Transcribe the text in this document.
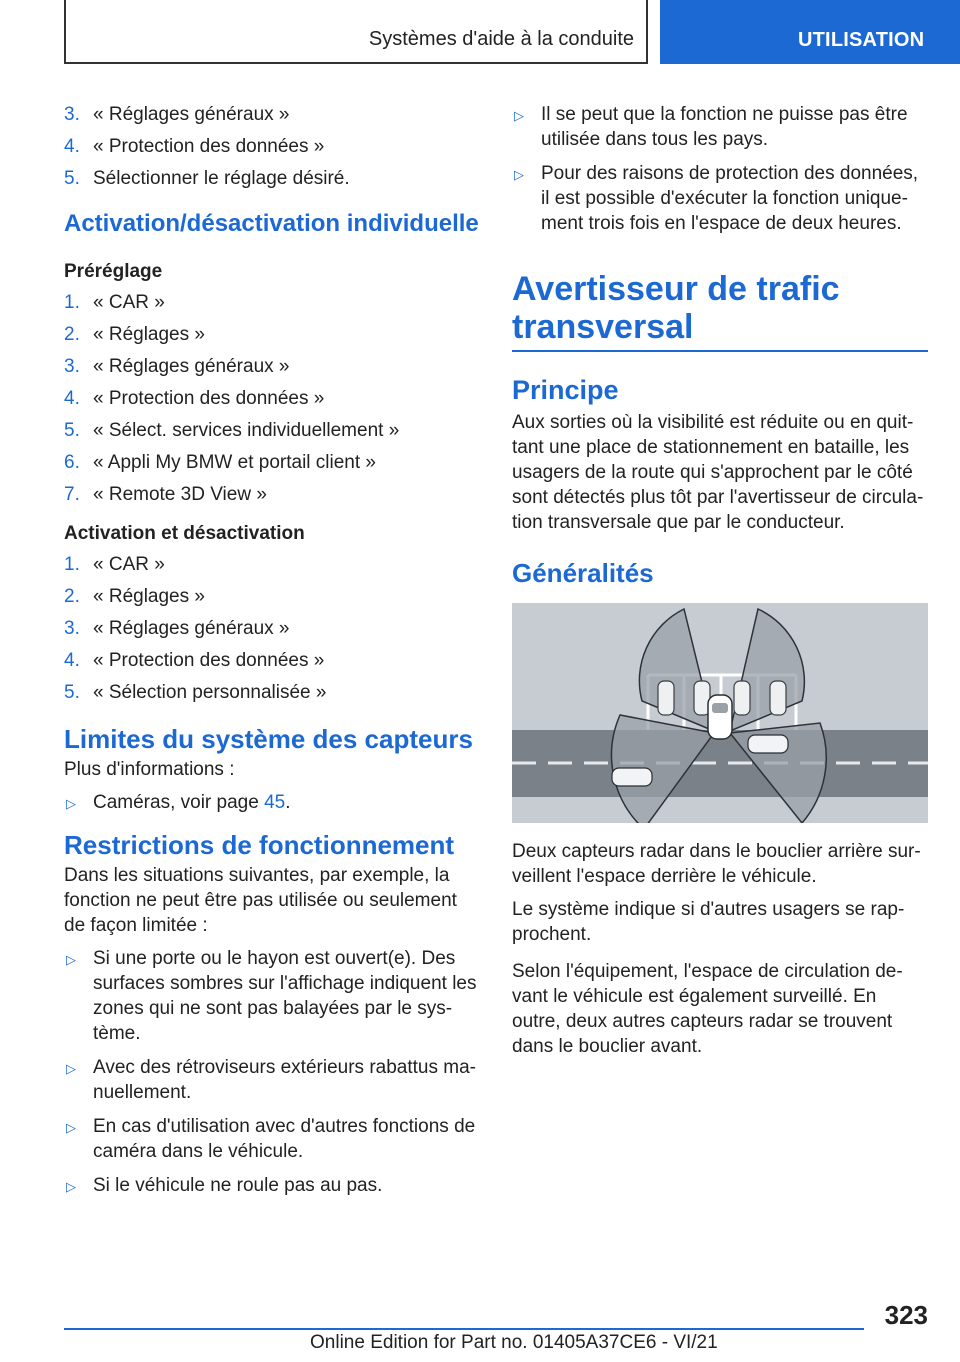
Systèmes d'aide à la conduite	UTILISATION
3. « Réglages généraux »
4. « Protection des données »
5. Sélectionner le réglage désiré.
Activation/désactivation individuelle
Préréglage
1. « CAR »
2. « Réglages »
3. « Réglages généraux »
4. « Protection des données »
5. « Sélect. services individuellement »
6. « Appli My BMW et portail client »
7. « Remote 3D View »
Activation et désactivation
1. « CAR »
2. « Réglages »
3. « Réglages généraux »
4. « Protection des données »
5. « Sélection personnalisée »
Limites du système des capteurs

Plus d'informations :

▷ Caméras, voir page 45.
Restrictions de fonctionnement

Dans les situations suivantes, par exemple, la fonction ne peut être pas utilisée ou seulement de façon limitée :

▷ Si une porte ou le hayon est ouvert(e). Des surfaces sombres sur l'affichage indiquent les zones qui ne sont pas balayées par le système.
▷ Avec des rétroviseurs extérieurs rabattus manuellement.
▷ En cas d'utilisation avec d'autres fonctions de caméra dans le véhicule.
▷ Si le véhicule ne roule pas au pas.
▷ Il se peut que la fonction ne puisse pas être utilisée dans tous les pays.
▷ Pour des raisons de protection des données, il est possible d'exécuter la fonction uniquement trois fois en l'espace de deux heures.
Avertisseur de trafic transversal
Principe

Aux sorties où la visibilité est réduite ou en quittant une place de stationnement en bataille, les usagers de la route qui s'approchent par le côté sont détectés plus tôt par l'avertisseur de circulation transversale que par le conducteur.

Généralités

Deux capteurs radar dans le bouclier arrière surveillent l'espace derrière le véhicule.

Le système indique si d'autres usagers se rapprochent.

Selon l'équipement, l'espace de circulation devant le véhicule est également surveillé. En outre, deux autres capteurs radar se trouvent dans le bouclier avant.

323
Online Edition for Part no. 01405A37CE6 - VI/21
